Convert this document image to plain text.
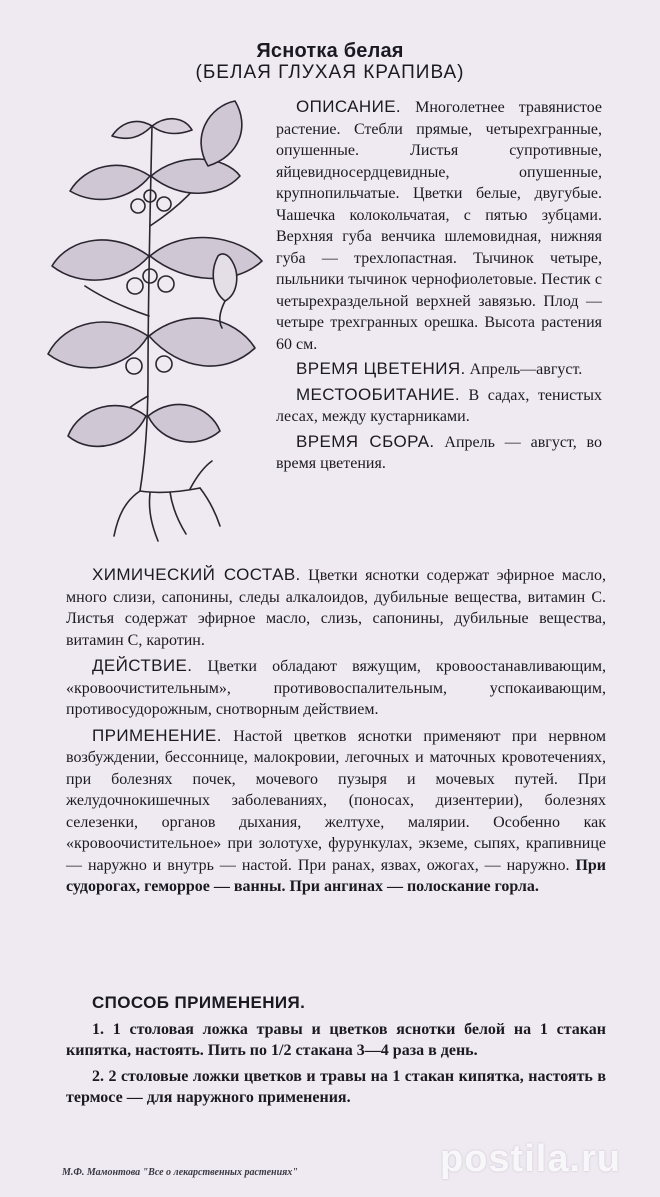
Яснотка белая
(БЕЛАЯ ГЛУХАЯ КРАПИВА)

ОПИСАНИЕ. Многолетнее травянистое растение. Стебли прямые, четырехгранные, опушенные. Листья супротивные, яйцевидносердцевидные, опушенные, крупнопильчатые. Цветки белые, двугубые. Чашечка колокольчатая, с пятью зубцами. Верхняя губа венчика шлемовидная, нижняя губа — трехлопастная. Тычинок четыре, пыльники тычинок чернофиолетовые. Пестик с четырехраздельной верхней завязью. Плод — четыре трехгранных орешка. Высота растения 60 см.

ВРЕМЯ ЦВЕТЕНИЯ. Апрель—август.

МЕСТООБИТАНИЕ. В садах, тенистых лесах, между кустарниками.

ВРЕМЯ СБОРА. Апрель — август, во время цветения.

ХИМИЧЕСКИЙ СОСТАВ. Цветки яснотки содержат эфирное масло, много слизи, сапонины, следы алкалоидов, дубильные вещества, витамин С. Листья содержат эфирное масло, слизь, сапонины, дубильные вещества, витамин С, каротин.

ДЕЙСТВИЕ. Цветки обладают вяжущим, кровоостанавливающим, «кровоочистительным», противовоспалительным, успокаивающим, противосудорожным, снотворным действием.

ПРИМЕНЕНИЕ. Настой цветков яснотки применяют при нервном возбуждении, бессоннице, малокровии, легочных и маточных кровотечениях, при болезнях почек, мочевого пузыря и мочевых путей. При желудочнокишечных заболеваниях, (поносах, дизентерии), болезнях селезенки, органов дыхания, желтухе, малярии. Особенно как «кровоочистительное» при золотухе, фурункулах, экземе, сыпях, крапивнице — наружно и внутрь — настой. При ранах, язвах, ожогах, — наружно. При судорогах, геморрое — ванны. При ангинах — полоскание горла.

СПОСОБ ПРИМЕНЕНИЯ.

1. 1 столовая ложка травы и цветков яснотки белой на 1 стакан кипятка, настоять. Пить по 1/2 стакана 3—4 раза в день.

2. 2 столовые ложки цветков и травы на 1 стакан кипятка, настоять в термосе — для наружного применения.

postila.ru
М.Ф. Мамонтова "Все о лекарственных растениях"
